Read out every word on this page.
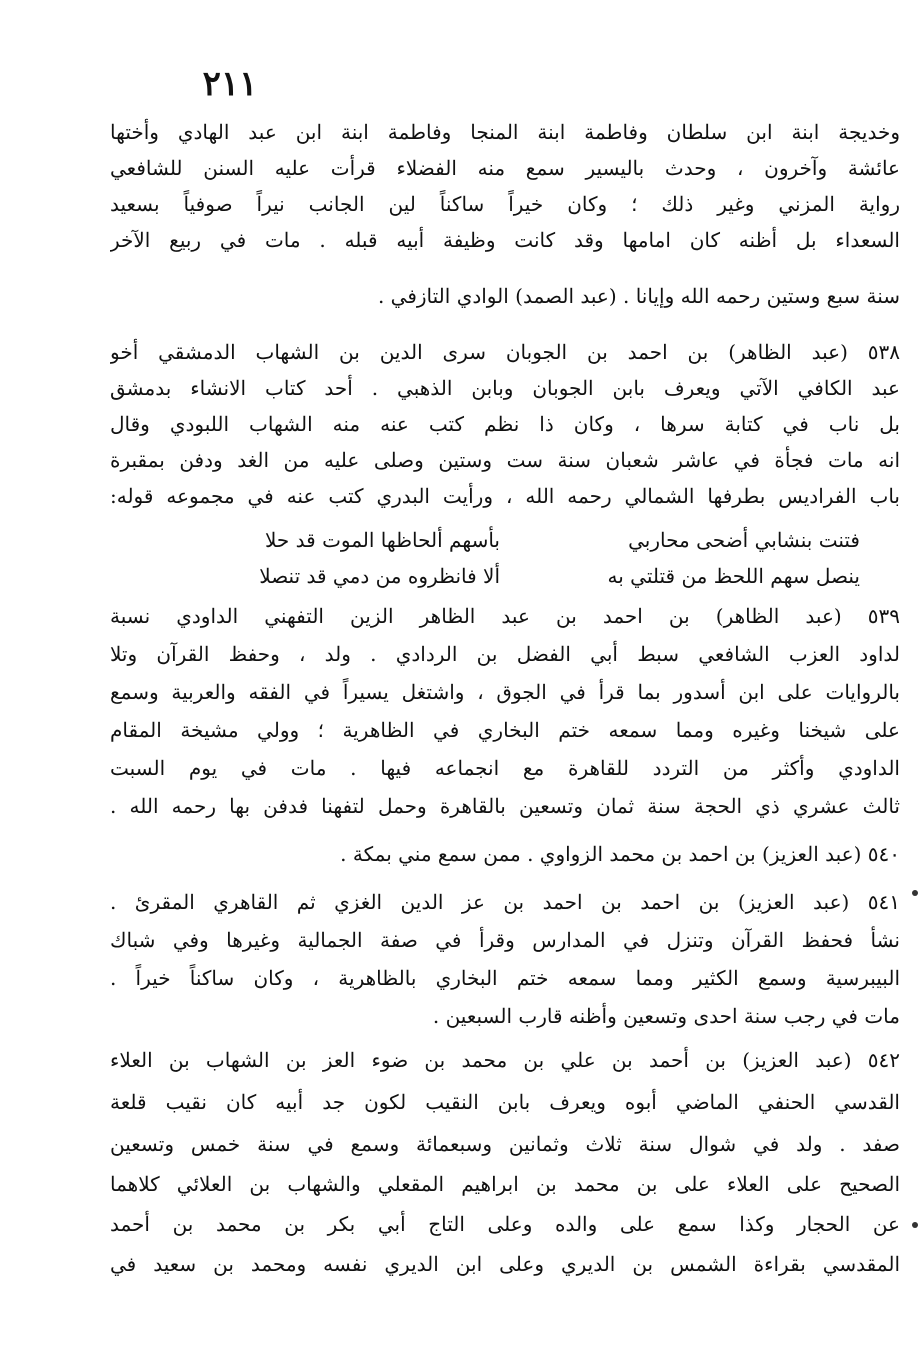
٢١١
وخديجة ابنة ابن سلطان وفاطمة ابنة المنجا وفاطمة ابنة ابن عبد الهادي وأختها
عائشة وآخرون ، وحدث باليسير سمع منه الفضلاء قرأت عليه السنن للشافعي
رواية المزني وغير ذلك ؛ وكان خيراً ساكناً لين الجانب نيراً صوفياً بسعيد
السعداء بل أظنه كان امامها وقد كانت وظيفة أبيه قبله . مات في ربيع الآخر
سنة سبع وستين رحمه الله وإيانا . (عبد الصمد) الوادي التازفي .
٥٣٨ (عبد الظاهر) بن احمد بن الجوبان سرى الدين بن الشهاب الدمشقي أخو
عبد الكافي الآتي ويعرف بابن الجوبان وبابن الذهبي . أحد كتاب الانشاء بدمشق
بل ناب في كتابة سرها ، وكان ذا نظم كتب عنه منه الشهاب اللبودي وقال
انه مات فجأة في عاشر شعبان سنة ست وستين وصلى عليه من الغد ودفن بمقبرة
باب الفراديس بطرفها الشمالي رحمه الله ، ورأيت البدري كتب عنه في مجموعه قوله:
فتنت بنشابي أضحى محاربي
بأسهم ألحاظها الموت قد حلا
ينصل سهم اللحظ من قتلتي به
ألا فانظروه من دمي قد تنصلا
٥٣٩ (عبد الظاهر) بن احمد بن عبد الظاهر الزين التفهني الداودي نسبة
لداود العزب الشافعي سبط أبي الفضل بن الردادي . ولد ، وحفظ القرآن وتلا
بالروايات على ابن أسدور بما قرأ في الجوق ، واشتغل يسيراً في الفقه والعربية وسمع
على شيخنا وغيره ومما سمعه ختم البخاري في الظاهرية ؛ وولي مشيخة المقام
الداودي وأكثر من التردد للقاهرة مع انجماعه فيها . مات في يوم السبت
ثالث عشري ذي الحجة سنة ثمان وتسعين بالقاهرة وحمل لتفهنا فدفن بها رحمه الله .
٥٤٠ (عبد العزيز) بن احمد بن محمد الزواوي . ممن سمع مني بمكة .
٥٤١ (عبد العزيز) بن احمد بن احمد بن عز الدين الغزي ثم القاهري المقرئ .
نشأ فحفظ القرآن وتنزل في المدارس وقرأ في صفة الجمالية وغيرها وفي شباك
البيبرسية وسمع الكثير ومما سمعه ختم البخاري بالظاهرية ، وكان ساكناً خيراً .
مات في رجب سنة احدى وتسعين وأظنه قارب السبعين .
٥٤٢ (عبد العزيز) بن أحمد بن علي بن محمد بن ضوء العز بن الشهاب بن العلاء
القدسي الحنفي الماضي أبوه ويعرف بابن النقيب لكون جد أبيه كان نقيب قلعة
صفد . ولد في شوال سنة ثلاث وثمانين وسبعمائة وسمع في سنة خمس وتسعين
الصحيح على العلاء على بن محمد بن ابراهيم المقعلي والشهاب بن العلائي كلاهما
عن الحجار وكذا سمع على والده وعلى التاج أبي بكر بن محمد بن أحمد
المقدسي بقراءة الشمس بن الديري وعلى ابن الديري نفسه ومحمد بن سعيد في
